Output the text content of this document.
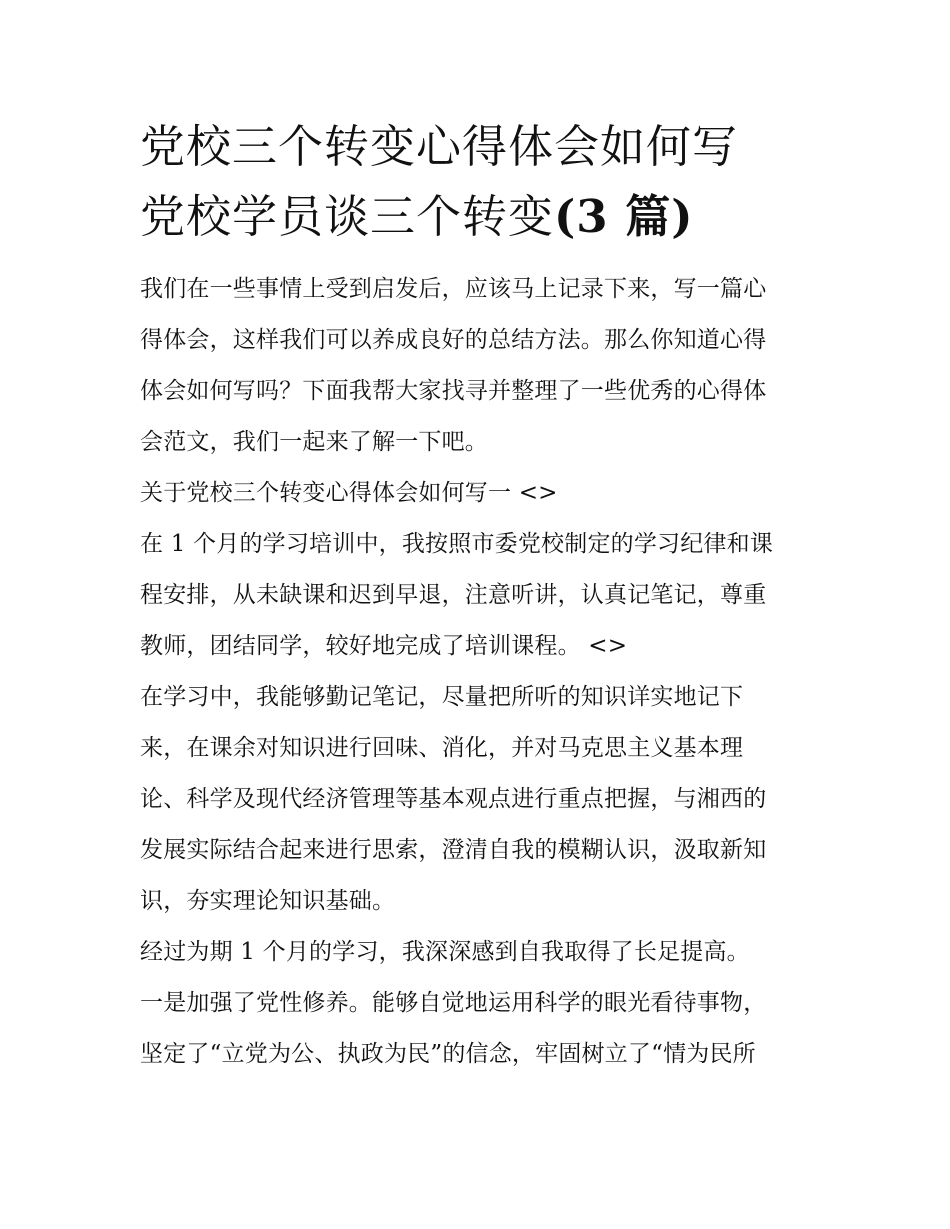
党校三个转变心得体会如何写
党校学员谈三个转变(3 篇)

我们在一些事情上受到启发后，应该马上记录下来，写一篇心
得体会，这样我们可以养成良好的总结方法。那么你知道心得
体会如何写吗？下面我帮大家找寻并整理了一些优秀的心得体
会范文，我们一起来了解一下吧。

关于党校三个转变心得体会如何写一 <>

在 1 个月的学习培训中，我按照市委党校制定的学习纪律和课
程安排，从未缺课和迟到早退，注意听讲，认真记笔记，尊重
教师，团结同学，较好地完成了培训课程。 <>

在学习中，我能够勤记笔记，尽量把所听的知识详实地记下
来，在课余对知识进行回味、消化，并对马克思主义基本理
论、科学及现代经济管理等基本观点进行重点把握，与湘西的
发展实际结合起来进行思索，澄清自我的模糊认识，汲取新知
识，夯实理论知识基础。

经过为期 1 个月的学习，我深深感到自我取得了长足提高。

一是加强了党性修养。能够自觉地运用科学的眼光看待事物，
坚定了“立党为公、执政为民”的信念，牢固树立了“情为民所
